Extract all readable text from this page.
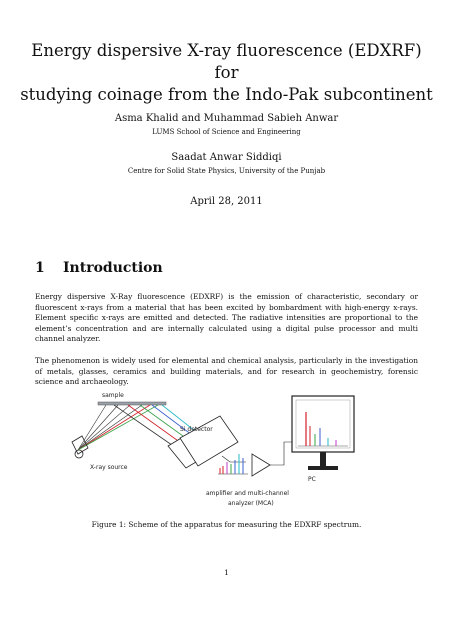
Energy dispersive X-ray fluorescence (EDXRF) for
studying coinage from the Indo-Pak subcontinent

Asma Khalid and Muhammad Sabieh Anwar

LUMS School of Science and Engineering

Saadat Anwar Siddiqi

Centre for Solid State Physics, University of the Punjab

April 28, 2011

1 Introduction

Energy dispersive X-Ray fluorescence (EDXRF) is the emission of characteristic, secondary or fluorescent x-rays from a material that has been excited by bombardment with high-energy x-rays. Element specific x-rays are emitted and detected. The radiative intensities are proportional to the element’s concentration and are internally calculated using a digital pulse processor and multi channel analyzer.

The phenomenon is widely used for elemental and chemical analysis, particularly in the investigation of metals, glasses, ceramics and building materials, and for research in geochemistry, forensic science and archaeology.

sample
Si detector
X-ray source
PC
amplifier and multi-channel
analyzer (MCA)

Figure 1: Scheme of the apparatus for measuring the EDXRF spectrum.

1
